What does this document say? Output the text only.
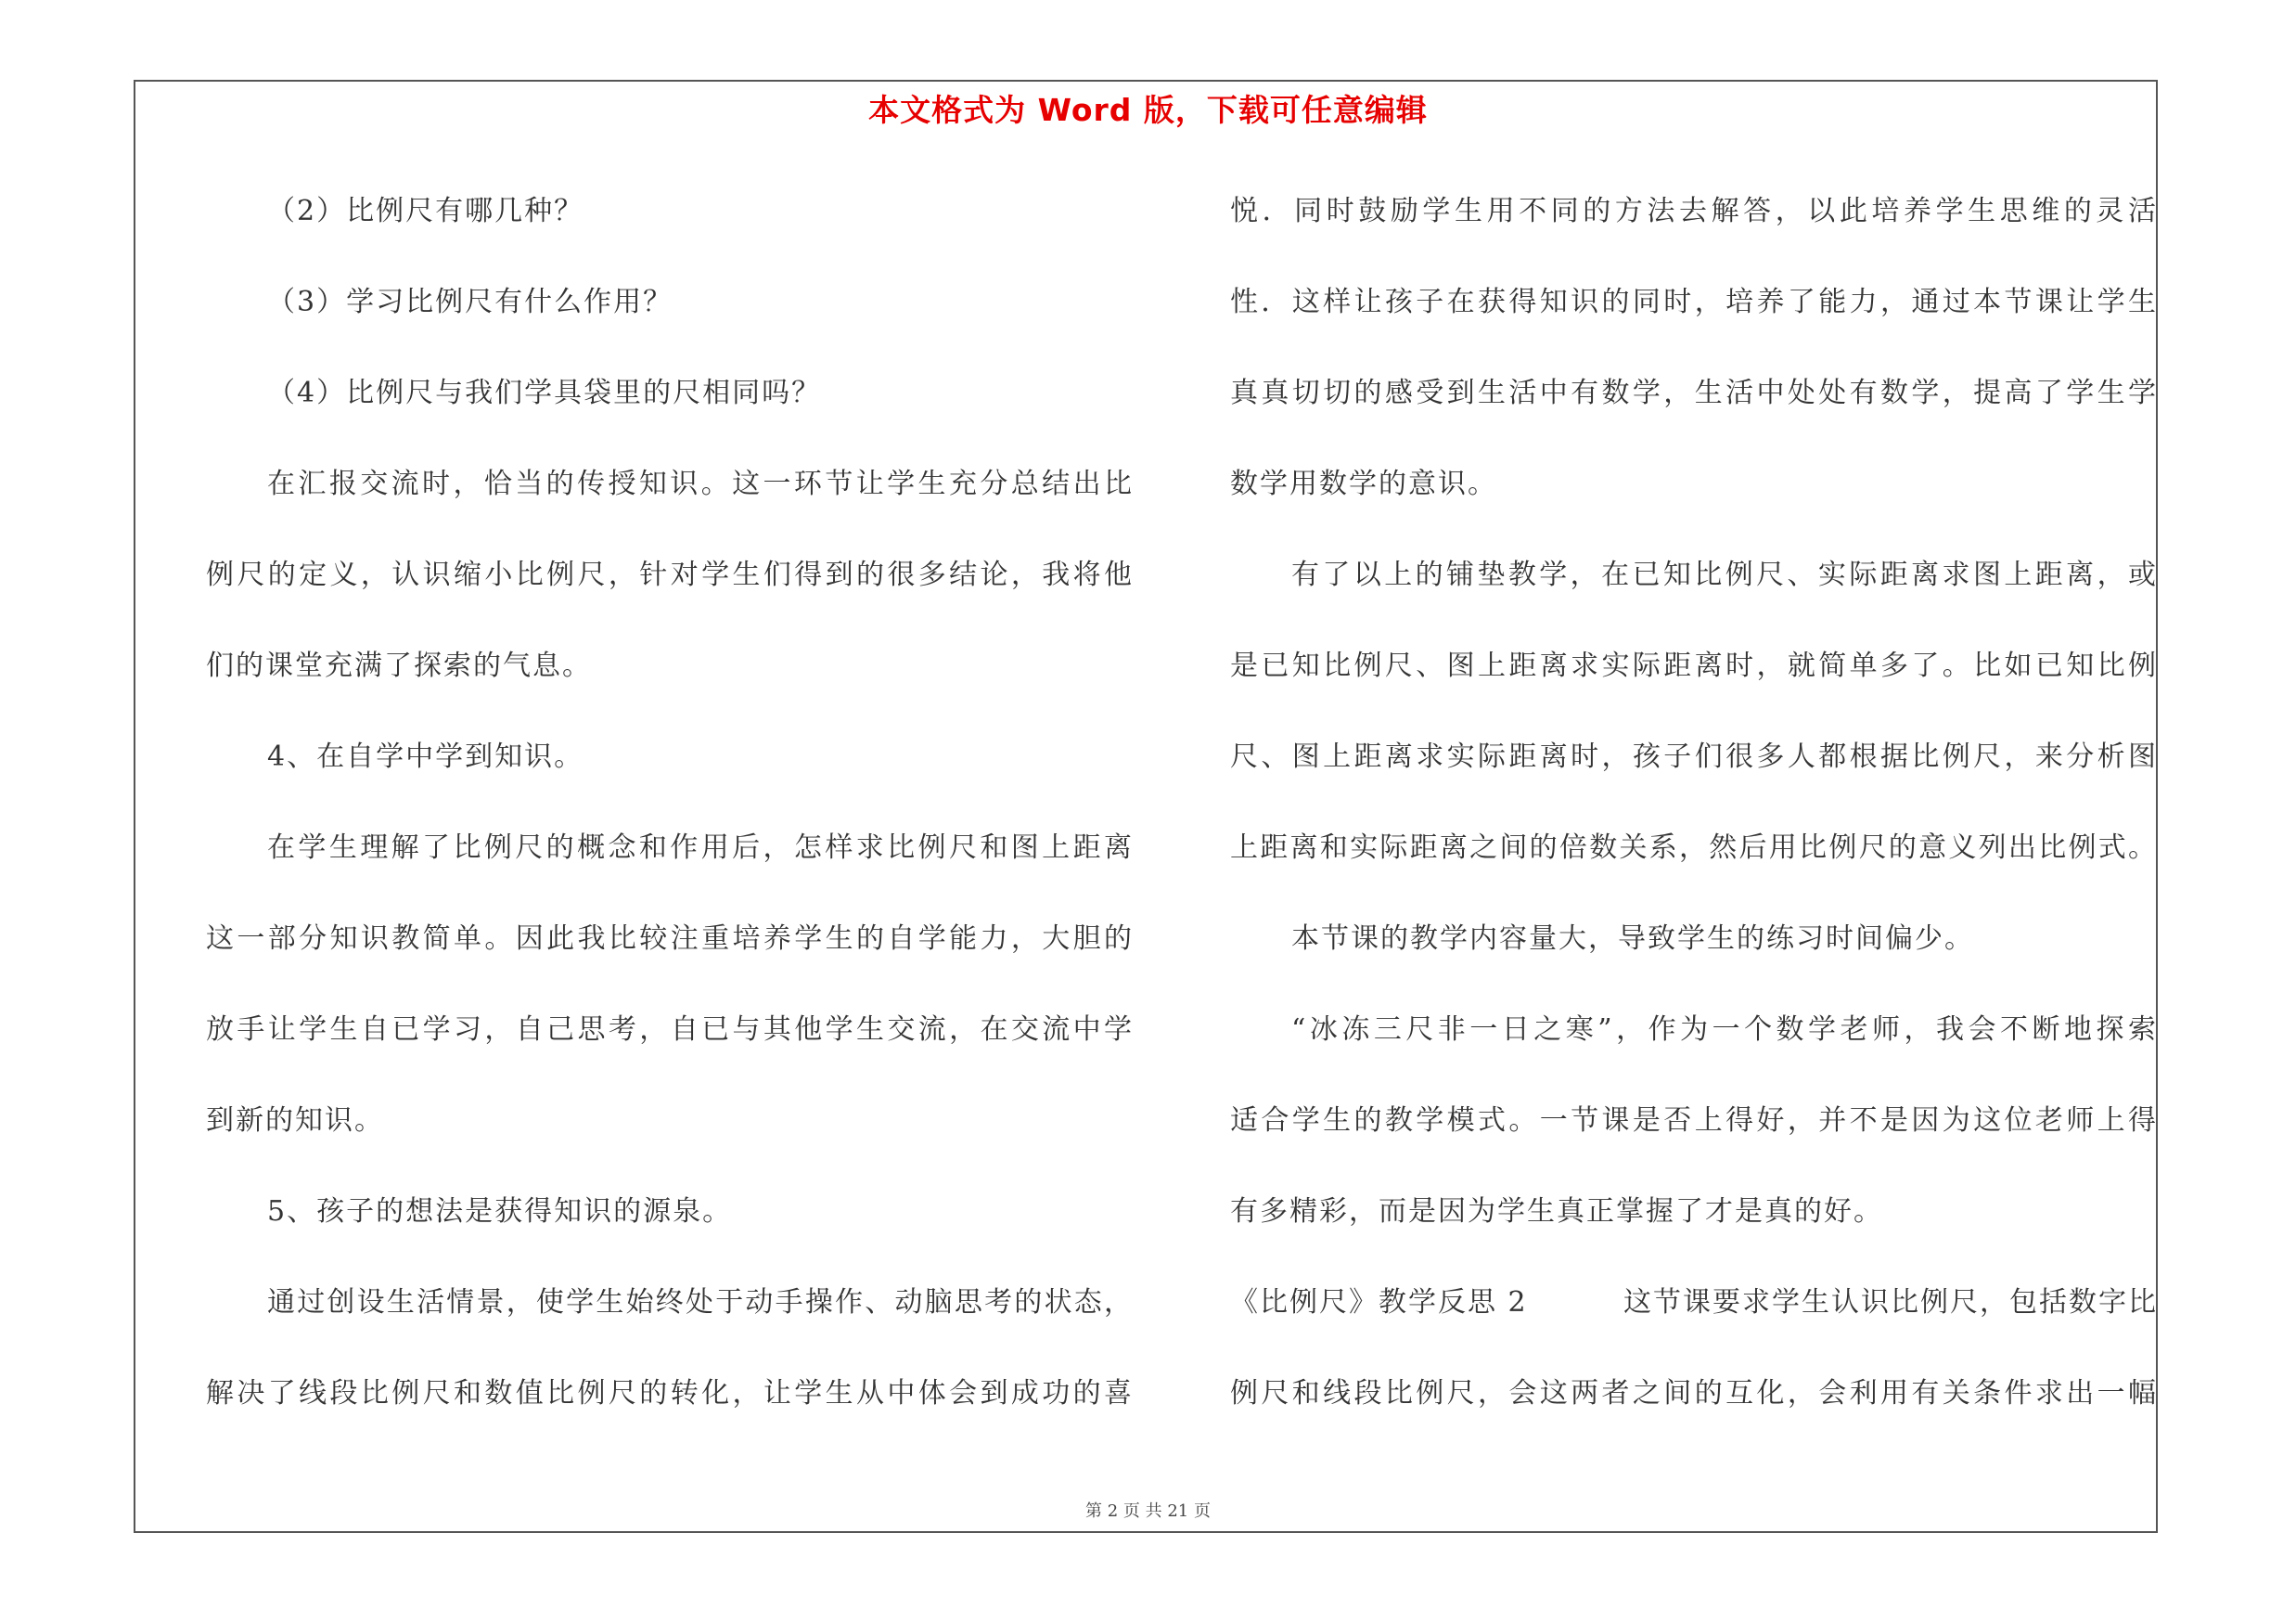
本文格式为 Word 版，下载可任意编辑
（2）比例尺有哪几种？
（3）学习比例尺有什么作用？
（4）比例尺与我们学具袋里的尺相同吗？
在汇报交流时，恰当的传授知识。这一环节让学生充分总结出比
例尺的定义，认识缩小比例尺，针对学生们得到的很多结论，我将他
们的课堂充满了探索的气息。
4、在自学中学到知识。
在学生理解了比例尺的概念和作用后，怎样求比例尺和图上距离
这一部分知识教简单。因此我比较注重培养学生的自学能力，大胆的
放手让学生自已学习，自己思考，自已与其他学生交流，在交流中学
到新的知识。
5、孩子的想法是获得知识的源泉。
通过创设生活情景，使学生始终处于动手操作、动脑思考的状态，
解决了线段比例尺和数值比例尺的转化，让学生从中体会到成功的喜
悦．同时鼓励学生用不同的方法去解答，以此培养学生思维的灵活
性．这样让孩子在获得知识的同时，培养了能力，通过本节课让学生
真真切切的感受到生活中有数学，生活中处处有数学，提高了学生学
数学用数学的意识。
有了以上的铺垫教学，在已知比例尺、实际距离求图上距离，或
是已知比例尺、图上距离求实际距离时，就简单多了。比如已知比例
尺、图上距离求实际距离时，孩子们很多人都根据比例尺，来分析图
上距离和实际距离之间的倍数关系，然后用比例尺的意义列出比例式。
本节课的教学内容量大，导致学生的练习时间偏少。
“冰冻三尺非一日之寒”，作为一个数学老师，我会不断地探索
适合学生的教学模式。一节课是否上得好，并不是因为这位老师上得
有多精彩，而是因为学生真正掌握了才是真的好。
《比例尺》教学反思 2	这节课要求学生认识比例尺，包括数字比
例尺和线段比例尺，会这两者之间的互化，会利用有关条件求出一幅
第 2 页 共 21 页
